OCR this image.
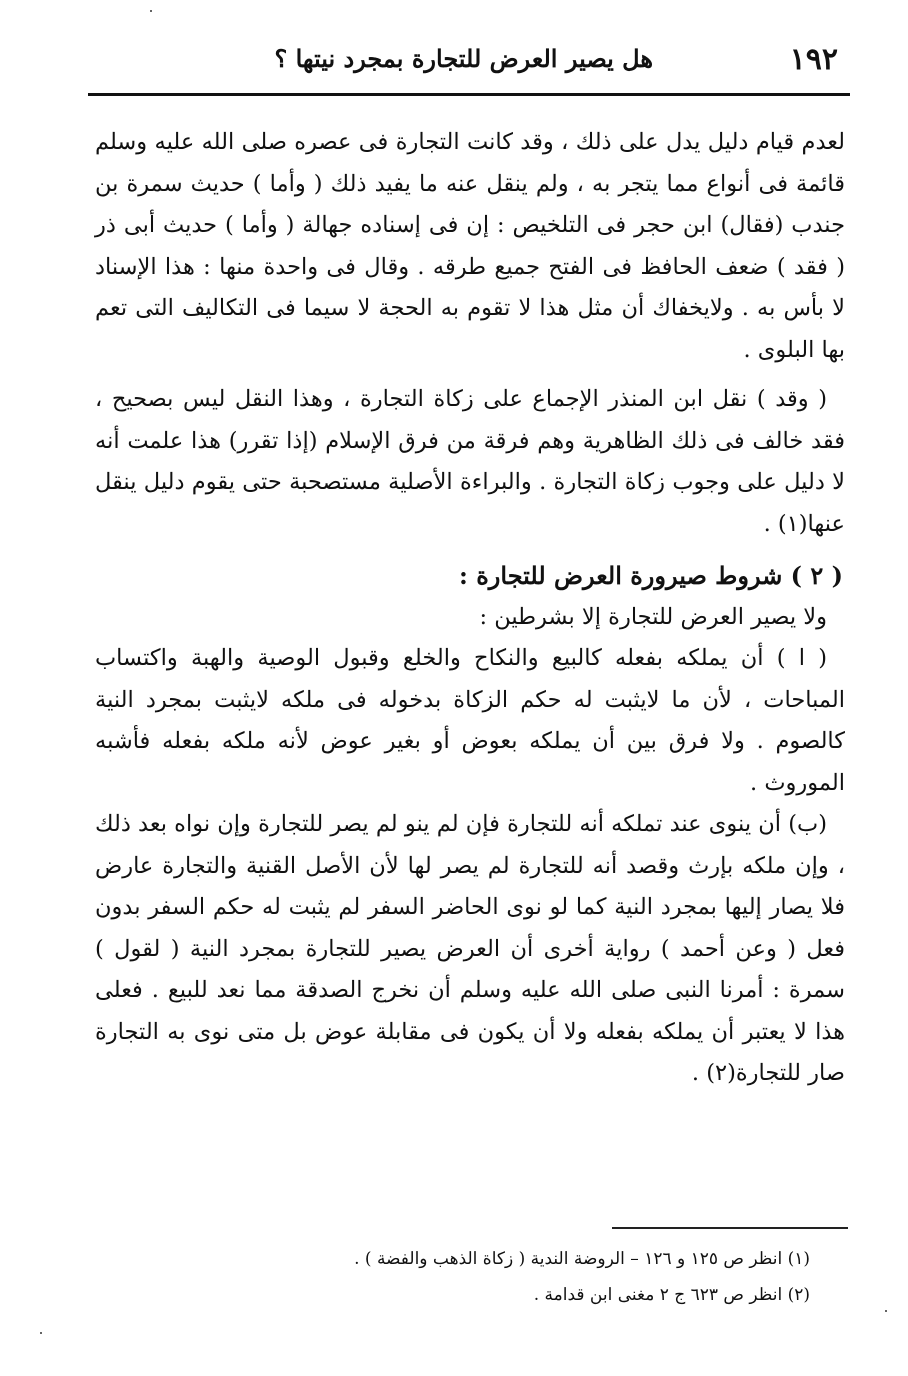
١٩٢
هل يصير العرض للتجارة بمجرد نيتها ؟

لعدم قيام دليل يدل على ذلك ، وقد كانت التجارة فى عصره صلى الله عليه وسلم قائمة فى أنواع مما يتجر به ، ولم ينقل عنه ما يفيد ذلك ( وأما ) حديث سمرة بن جندب (فقال) ابن حجر فى التلخيص : إن فى إسناده جهالة ( وأما ) حديث أبى ذر ( فقد ) ضعف الحافظ فى الفتح جميع طرقه . وقال فى واحدة منها : هذا الإسناد لا بأس به . ولايخفاك أن مثل هذا لا تقوم به الحجة لا سيما فى التكاليف التى تعم بها البلوى .

( وقد ) نقل ابن المنذر الإجماع على زكاة التجارة ، وهذا النقل ليس بصحيح ، فقد خالف فى ذلك الظاهرية وهم فرقة من فرق الإسلام (إذا تقرر) هذا علمت أنه لا دليل على وجوب زكاة التجارة . والبراءة الأصلية مستصحبة حتى يقوم دليل ينقل عنها(١) .

( ٢ ) شروط صيرورة العرض للتجارة :

ولا يصير العرض للتجارة إلا بشرطين :

( ا ) أن يملكه بفعله كالبيع والنكاح والخلع وقبول الوصية والهبة واكتساب المباحات ، لأن ما لايثبت له حكم الزكاة بدخوله فى ملكه لايثبت بمجرد النية كالصوم . ولا فرق بين أن يملكه بعوض أو بغير عوض لأنه ملكه بفعله فأشبه الموروث .

(ب) أن ينوى عند تملكه أنه للتجارة فإن لم ينو لم يصر للتجارة وإن نواه بعد ذلك ، وإن ملكه بإرث وقصد أنه للتجارة لم يصر لها لأن الأصل القنية والتجارة عارض فلا يصار إليها بمجرد النية كما لو نوى الحاضر السفر لم يثبت له حكم السفر بدون فعل ( وعن أحمد ) رواية أخرى أن العرض يصير للتجارة بمجرد النية ( لقول ) سمرة : أمرنا النبى صلى الله عليه وسلم أن نخرج الصدقة مما نعد للبيع . فعلى هذا لا يعتبر أن يملكه بفعله ولا أن يكون فى مقابلة عوض بل متى نوى به التجارة صار للتجارة(٢) .

(١) انظر ص ١٢٥ و ١٢٦ – الروضة الندية ( زكاة الذهب والفضة ) .

(٢) انظر ص ٦٢٣ ج ٢ مغنى ابن قدامة .
